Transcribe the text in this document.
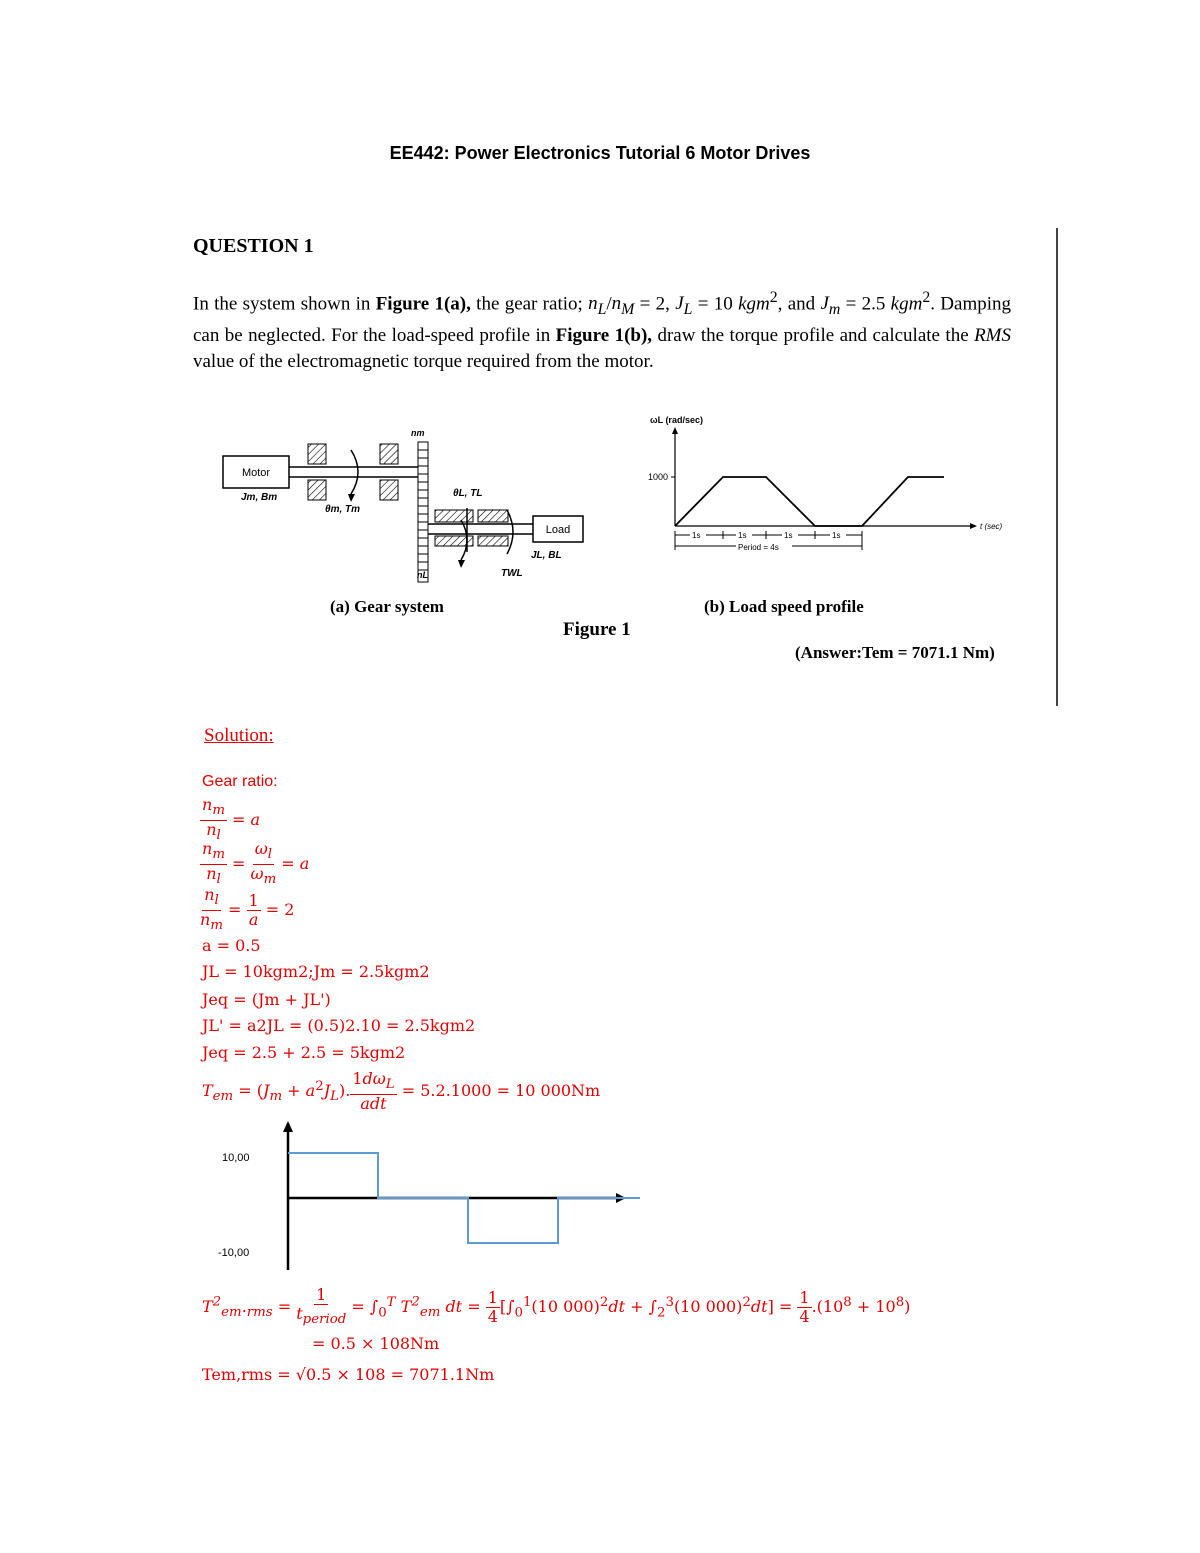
EE442: Power Electronics Tutorial 6 Motor Drives
QUESTION 1
In the system shown in Figure 1(a), the gear ratio; $n_L/n_M = 2$, $J_L = 10$ kgm$^2$, and $J_m = 2.5$ kgm$^2$. Damping can be neglected. For the load-speed profile in Figure 1(b), draw the torque profile and calculate the RMS value of the electromagnetic torque required from the motor.
Motor
Jm, Bm
nm
θm, Tm
θL, TL
Load
JL, BL
nL	TWL
ωL (rad/sec)
t (sec)
1000
1s	1s	1s	1s
Period = 4s
(a) Gear system	(b) Load speed profile
Figure 1
(Answer:Tem = 7071.1 Nm)
Solution:
Gear ratio:
$\frac{n_m}{n_l} = a$
$\frac{n_m}{n_l} = \frac{\omega_l}{\omega_m} = a$
$\frac{n_l}{n_m} = \frac{1}{a} = 2$
a = 0.5
JL = 10kgm2;Jm = 2.5kgm2
Jeq = (Jm + JL')
JL' = a2JL = (0.5)2.10 = 2.5kgm2
Jeq = 2.5 + 2.5 = 5kgm2
$T_{em} = (J_m + a^2J_L)$. $\frac{1d\omega_L}{\text{adt}} = 5.2.1000 = 10$ 000Nm
10,00
-10,00
$T^2_{em}._{rms} = \frac{1}{t_{period}} = \int_0^T$ $T^2_{em}$ dt = $\frac{1}{4} [\int_0^1(10$ $000)^2dt + \int_2^3(10$ $000)^2dt] = \frac{1}{4} .(10^8 + 10^8)$
= 0.5 × 108Nm
Tem,rms = √0.5 × 108 = 7071.1Nm
